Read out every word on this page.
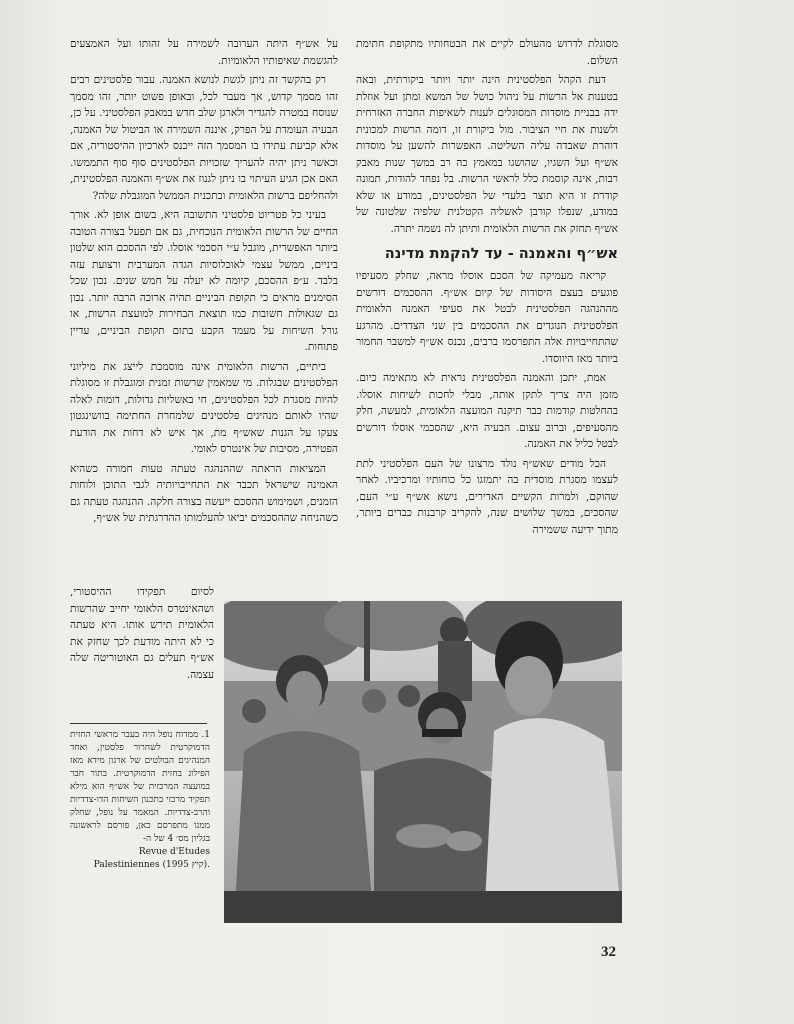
מסוגלת לדרוש מהעולם לקיים את הבטחותיו מתקופת חתימת השלום.

דעת הקהל הפלסטינית הינה יותר ויותר ביקורתית, ובאה בטענות אל הרשות על ניהול כושל של המשא ומתן ועל אוזלת ידה בבניית מוסדות המסוגלים לענות לשאיפות החברה האזרחית ולשנות את חיי הציבור. מול ביקורת זו, דומה הרשות למכונית דוהרת שאבדה עליה השליטה. האפשרות להשען על מוסדות אש״ף ועל השגיו, שהושגו במאמץ כה רב במשך שנות מאבק רבות, אינה קוסמת כלל לראשי הרשות. בל נפחד להודות, תמונה קודרת זו היא תוצר בלעדי של הפלסטינים, במודע או שלא במודע, שנפלו קורבן לאשליה הקטלנית שלפיה שלטונה של אש״ף תחזק את הרשות הלאומית ותיתן לה נשמה יתרה.

אש״ף והאמנה - עד להקמת מדינה

קריאה מעמיקה של הסכם אוסלו מראה, שחלק מסעיפיו פוגעים בעצם היסודות של קיום אש״ף. ההסכמים דורשים מההנהגה הפלסטינית לבטל את סעיפי האמנה הלאומית הפלסטינית הנוגדים את ההסכמים בין שני הצדדים. מהרגע שהתחייבויות אלה התפרסמו ברבים, נכנס אש״ף למשבר החמור ביותר מאז היווסדו.

אמת, יתכן והאמנה הפלסטינית נראית לא מתאימה כיום. מזמן היה צריך לתקן אותה, מבלי לחכות לשיחות אוסלו. בהחלטות קודמות כבר תיקנה המועצה הלאומית, למעשה, חלק מהסעיפים, וברוב עצום. הבעיה היא, שהסכמי אוסלו דורשים לבטל כליל את האמנה.

הכל מודים שאש״ף נולד מרצונו של העם הפלסטיני לתת לעצמו מסגרת מוסדית בה יתמזגו כל כוחותיו ומרכיביו. לאחר שהוקם, ולמרות הקשיים האדירים, נישא אש״ף ע״י העם, שהסכים, במשך שלושים שנה, להקריב קרבנות כבדים ביותר, מתוך ידיעה ששמירה

על אש״ף היתה הערובה לשמירה על זהותו ועל האמצעים להגשמת שאיפותיו הלאומיות.

רק בהקשר זה ניתן לגשת לנושא האמנה. עבור פלסטינים רבים זהו מסמך קדוש, אך מעבר לכל, ובאופן פשוט יותר, זהו מסמך שנוסח במטרה להגדיר ולארגן שלב חדש במאבק הפלסטיני. על כן, הבעיה העומדת על הפרק, איננה השמירה או הביטול של האמנה, אלא קביעת עתידו בו המסמך הזה ייכנס לארכיון ההיסטוריה, אם וכאשר ניתן יהיה להעריך שזכויות הפלסטינים סוף סוף התממשו. האם אכן הגיע העיתוי בו ניתן לגנוז את אש״ף והאמנה הפלסטינית, ולהחליפם ברשות הלאומית ובתכנית הממשל המוגבלת שלה?

בעיני כל פטריוט פלסטיני התשובה היא, בשום אופן לא. אורך החיים של הרשות הלאומית הנוכחית, גם אם תפעל בצורה הטובה ביותר האפשרית, מוגבל ע״י הסכמי אוסלו. לפי ההסכם הוא שלטון ביניים, ממשל עצמי לאוכלוסיות הגדה המערבית ורצועת עזה בלבד. ע״פ ההסכם, קיומה לא יעלה על חמש שנים. נכון שכל הסימנים מראים כי תקופת הביניים תהיה ארוכה הרבה יותר. נכון גם שגאולות חשובות כמו תוצאת הבחירות למועצת הרשות, או גורל השיחות על מעמד הקבע בתום תקופת הביניים, עדיין פתוחות.

ביתיים, הרשות הלאומית אינה מוסמכת לייצג את מיליוני הפלסטינים שבגלות. מי שמאמין שרשות זמנית ומוגבלת זו מסוגלת להיות מסגרת לכל הפלסטינים, חי באשליות גדולות, דומות לאלה שהיו לאותם מנהיגים פלסטינים שלמחרת החתימה בוושינגטון צעקו על הגנות שאש״ף מת, אך איש לא דחות את הודעת הפטירה, מסיבות של אינטרס לאומי.

המציאות הראתה שההנהגה טעתה טעות חמורה כשהיא האמינה שישראל תכבד את התחייבויותיה לגבי התוכן ולוחות הזמנים, ושמימוש ההסכם ייעשה בצורה חלקה. ההנהגה טעתה גם כשהניחה שההסכמים יביאו להעלמותו ההדרגתית של אש״ף,

לסיום תפקידו ההיסטורי, ושהאינטרס הלאומי יחייב שהרשות הלאומית תירש אותו. היא טעתה כי לא היתה מודעת לכך שחזק את אש״ף תעלים גם האוטוריטה שלה עצמה.

1. ממדוח נופל היה בעבר מראשי החזית הדמוקרטית לשחרור פלסטין, ואחד המנהיגים הבולטים של ארגון מידא מאז הפילוג בחזית הדמוקרטית. בתור חבר במועצה המרכזית של אש״ף הוא מילא תפקיד מרכזי בתכנון השיחות הדו-צדדיות והרב-צדדיות. המאמר על נופל, שחלק ממנו מתפרסם כאן, פורסם לראשונה בגליון מס׳ 4 של ה-
Revue d'Etudes
Palestiniennes (קיץ 1995).
32
